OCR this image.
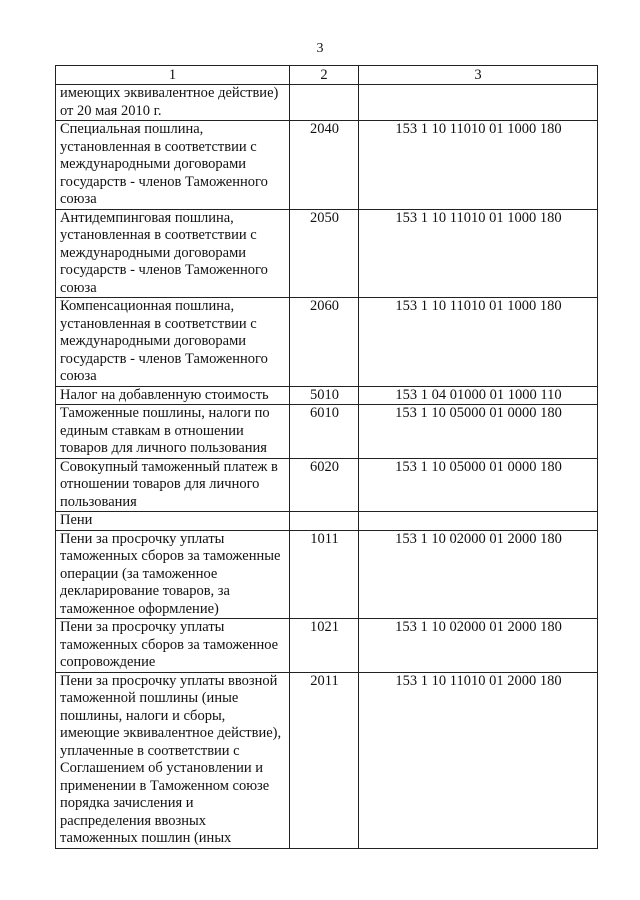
3
1	2	3
имеющих эквивалентное действие) от 20 мая 2010 г.		
Специальная пошлина, установленная в соответствии с международными договорами государств - членов Таможенного союза	2040	153 1 10 11010 01 1000 180
Антидемпинговая пошлина, установленная в соответствии с международными договорами государств - членов Таможенного союза	2050	153 1 10 11010 01 1000 180
Компенсационная пошлина, установленная в соответствии с международными договорами государств - членов Таможенного союза	2060	153 1 10 11010 01 1000 180
Налог на добавленную стоимость	5010	153 1 04 01000 01 1000 110
Таможенные пошлины, налоги по единым ставкам в отношении товаров для личного пользования	6010	153 1 10 05000 01 0000 180
Совокупный таможенный платеж в отношении товаров для личного пользования	6020	153 1 10 05000 01 0000 180
Пени		
Пени за просрочку уплаты таможенных сборов за таможенные операции (за таможенное декларирование товаров, за таможенное оформление)	1011	153 1 10 02000 01 2000 180
Пени за просрочку уплаты таможенных сборов за таможенное сопровождение	1021	153 1 10 02000 01 2000 180
Пени за просрочку уплаты ввозной таможенной пошлины (иные пошлины, налоги и сборы, имеющие эквивалентное действие), уплаченные в соответствии с Соглашением об установлении и применении в Таможенном союзе порядка зачисления и распределения ввозных таможенных пошлин (иных	2011	153 1 10 11010 01 2000 180
